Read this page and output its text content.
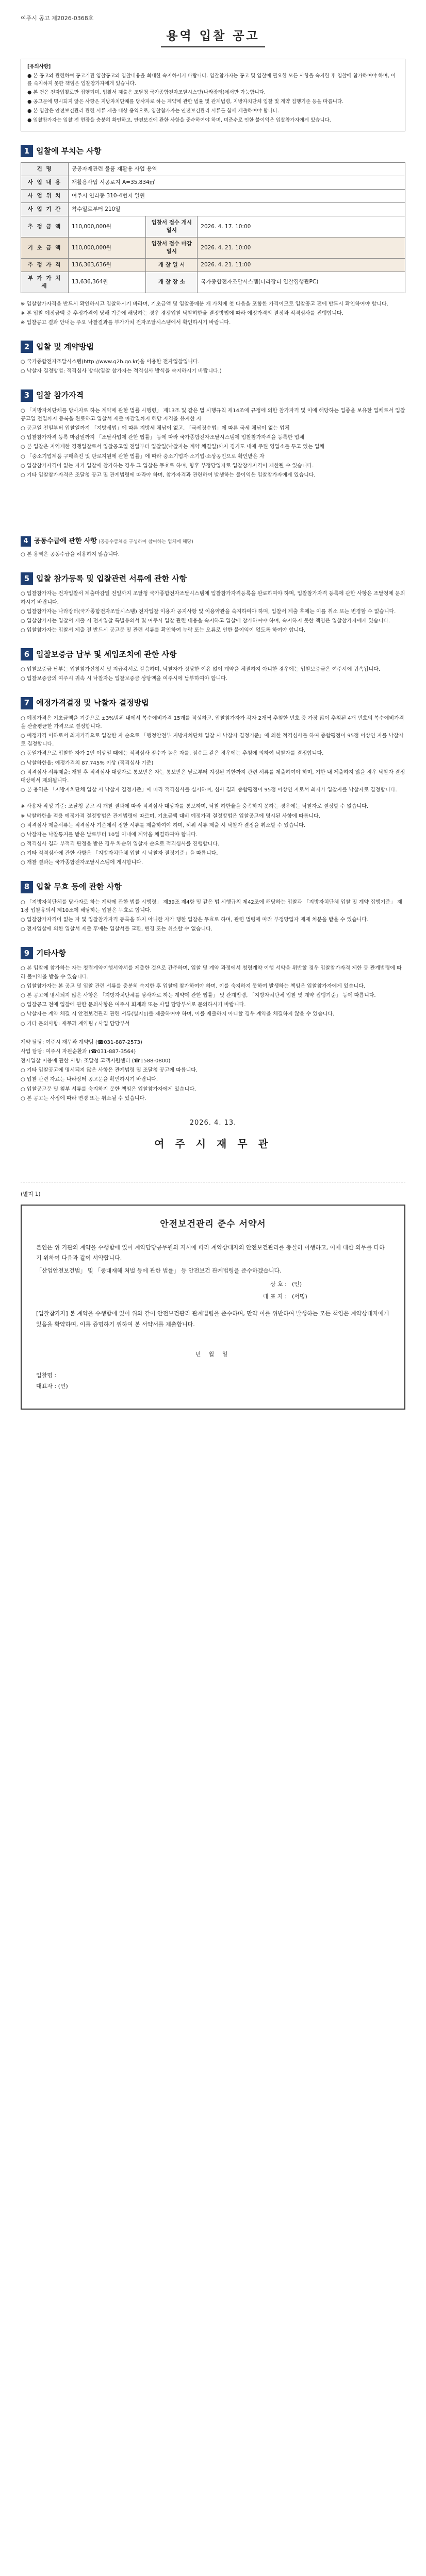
여주시 공고 제2026-0368호
용역 입찰 공고
[유의사항]

● 본 공고와 관련하여 공고기관 입찰공고와 입찰내용을 최대한 숙지하시기 바랍니다. 입찰참가자는 공고 및 입찰에 필요한 모든 사항을 숙지한 후 입찰에 참가하여야 하며, 이를 숙지하지 못한 책임은 입찰참가자에게 있습니다.

● 본 건은 전자입찰로만 집행되며, 입찰서 제출은 조달청 국가종합전자조달시스템(나라장터)에서만 가능합니다.

● 공고문에 명시되지 않은 사항은 지방자치단체를 당사자로 하는 계약에 관한 법률 및 관계법령, 지방자치단체 입찰 및 계약 집행기준 등을 따릅니다.

● 본 입찰은 안전보건관리 관련 서류 제출 대상 용역으로, 입찰참가자는 안전보건관리 서류를 함께 제출하여야 합니다.

● 입찰참가자는 입찰 전 현장을 충분히 확인하고, 안전보건에 관한 사항을 준수하여야 하며, 미준수로 인한 불이익은 입찰참가자에게 있습니다.

1 입찰에 부치는 사항
건 명	공공자재관련 물품 재활용 사업 용역		
사 업 내 용	재활용사업 시공로지 A=35,834㎡		
사 업 위 치	여주시 연라동 310-4번지 일원		
사 업 기 간	착수일로부터 210일		
추 정 금 액	110,000,000원	입찰서 접수 개시일시	2026. 4. 17. 10:00
기 초 금 액	110,000,000원	입찰서 접수 마감일시	2026. 4. 21. 10:00
추 정 가 격	136,363,636원	개 찰 일 시	2026. 4. 21. 11:00
부 가 가 치 세	13,636,364원	개 찰 장 소	국가종합전자조달시스템(나라장터 입찰집행관PC)

※ 입찰참가자격을 반드시 확인하시고 입찰하시기 바라며, 기초금액 및 입찰공매분 개 가치에 첫 다음을 포함한 가격이므로 입찰공고 전에 반드시 확인하여야 합니다.

※ 본 입찰 예정금액 중 추정가격이 당해 기준에 해당하는 경우 경쟁입찰 낙찰하한율 결정방법에 따라 예정가격의 결정과 적격심사를 진행합니다.

※ 입찰공고 결과 안내는 주요 낙찰결과를 부가가치 전자조달시스템에서 확인하시기 바랍니다.

2 입찰 및 계약방법

○ 국가종합전자조달시스템(http://www.g2b.go.kr)을 이용한 전자입찰입니다.

○ 낙찰자 결정방법: 적격심사 방식(입찰 참가자는 적격심사 방식을 숙지하시기 바랍니다.)

3 입찰 참가자격

○ 「지방자치단체를 당사자로 하는 계약에 관한 법률 시행령」 제13조 및 같은 법 시행규칙 제14조에 규정에 의한 참가자격 및 이에 해당하는 업종을 보유한 업체로서 입찰 공고일 전일까지 등록을 완료하고 입찰서 제출 마감일까지 해당 자격을 유지한 자

○ 공고일 전일부터 입찰일까지 「지방세법」에 따른 지방세 체납이 없고, 「국세징수법」에 따른 국세 체납이 없는 업체

○ 입찰참가자격 등록 마감일까지 「조달사업에 관한 법률」 등에 따라 국가종합전자조달시스템에 입찰참가자격을 등록한 업체

○ 본 입찰은 지역제한 경쟁입찰로서 입찰공고일 전일부터 입찰일(낙찰자는 계약 체결일)까지 경기도 내에 주된 영업소를 두고 있는 업체

○ 「중소기업제품 구매촉진 및 판로지원에 관한 법률」에 따라 중소기업자·소기업·소상공인으로 확인받은 자

○ 입찰참가자격이 없는 자가 입찰에 참가하는 경우 그 입찰은 무효로 하며, 향후 부정당업자로 입찰참가자격이 제한될 수 있습니다.

○ 기타 입찰참가자격은 조달청 공고 및 관계법령에 따라야 하며, 참가자격과 관련하여 발생하는 불이익은 입찰참가자에게 있습니다.

4 공동수급에 관한 사항 (공동수급체를 구성하여 참여하는 업체에 해당)

○ 본 용역은 공동수급을 허용하지 않습니다.

5 입찰 참가등록 및 입찰관련 서류에 관한 사항

○ 입찰참가자는 전자입찰서 제출마감일 전일까지 조달청 국가종합전자조달시스템에 입찰참가자격등록을 완료하여야 하며, 입찰참가자격 등록에 관한 사항은 조달청에 문의하시기 바랍니다.

○ 입찰참가자는 나라장터(국가종합전자조달시스템) 전자입찰 이용자 공지사항 및 이용약관을 숙지하여야 하며, 입찰서 제출 후에는 이를 취소 또는 변경할 수 없습니다.

○ 입찰참가자는 입찰서 제출 시 전자입찰 특별유의서 및 여주시 입찰 관련 내용을 숙지하고 입찰에 참가하여야 하며, 숙지하지 못한 책임은 입찰참가자에게 있습니다.

○ 입찰참가자는 입찰서 제출 전 반드시 공고문 및 관련 서류를 확인하여 누락 또는 오류로 인한 불이익이 없도록 하여야 합니다.

6 입찰보증금 납부 및 세입조치에 관한 사항

○ 입찰보증금 납부는 입찰참가신청서 및 지급각서로 갈음하며, 낙찰자가 정당한 이유 없이 계약을 체결하지 아니한 경우에는 입찰보증금은 여주시에 귀속됩니다.

○ 입찰보증금의 여주시 귀속 시 낙찰자는 입찰보증금 상당액을 여주시에 납부하여야 합니다.

7 예정가격결정 및 낙찰자 결정방법

○ 예정가격은 기초금액을 기준으로 ±3%범위 내에서 복수예비가격 15개를 작성하고, 입찰참가자가 각자 2개씩 추첨한 번호 중 가장 많이 추첨된 4개 번호의 복수예비가격을 산술평균한 가격으로 결정합니다.

○ 예정가격 이하로서 최저가격으로 입찰한 자 순으로 「행정안전부 지방자치단체 입찰 시 낙찰자 결정기준」에 의한 적격심사를 하여 종합평점이 95점 이상인 자를 낙찰자로 결정합니다.

○ 동일가격으로 입찰한 자가 2인 이상일 때에는 적격심사 점수가 높은 자를, 점수도 같은 경우에는 추첨에 의하여 낙찰자를 결정합니다.

○ 낙찰하한율: 예정가격의 87.745% 이상 (적격심사 기준)

○ 적격심사 서류제출: 개찰 후 적격심사 대상자로 통보받은 자는 통보받은 날로부터 지정된 기한까지 관련 서류를 제출하여야 하며, 기한 내 제출하지 않을 경우 낙찰자 결정 대상에서 제외됩니다.

○ 본 용역은 「지방자치단체 입찰 시 낙찰자 결정기준」에 따라 적격심사를 실시하며, 심사 결과 종합평점이 95점 이상인 자로서 최저가 입찰자를 낙찰자로 결정합니다.

※ 사용자 작성 기준: 조달청 공고 시 개찰 결과에 따라 적격심사 대상자를 통보하며, 낙찰 하한율을 충족하지 못하는 경우에는 낙찰자로 결정할 수 없습니다.

※ 낙찰하한율 적용 예정가격 결정방법은 관계법령에 따르며, 기초금액 대비 예정가격 결정방법은 입찰공고에 명시된 사항에 따릅니다.

○ 적격심사 제출서류는 적격심사 기준에서 정한 서류를 제출하여야 하며, 허위 서류 제출 시 낙찰자 결정을 취소할 수 있습니다.

○ 낙찰자는 낙찰통지를 받은 날로부터 10일 이내에 계약을 체결하여야 합니다.

○ 적격심사 결과 부적격 판정을 받은 경우 차순위 입찰자 순으로 적격심사를 진행합니다.

○ 기타 적격심사에 관한 사항은 「지방자치단체 입찰 시 낙찰자 결정기준」을 따릅니다.

○ 개찰 결과는 국가종합전자조달시스템에 게시합니다.

8 입찰 무효 등에 관한 사항

○ 「지방자치단체를 당사자로 하는 계약에 관한 법률 시행령」 제39조 제4항 및 같은 법 시행규칙 제42조에 해당하는 입찰과 「지방자치단체 입찰 및 계약 집행기준」 제1장 입찰유의서 제10조에 해당하는 입찰은 무효로 합니다.

○ 입찰참가자격이 없는 자 및 입찰참가자격 등록을 하지 아니한 자가 행한 입찰은 무효로 하며, 관련 법령에 따라 부정당업자 제재 처분을 받을 수 있습니다.

○ 전자입찰에 의한 입찰서 제출 후에는 입찰서를 교환, 변경 또는 취소할 수 없습니다.

9 기타사항

○ 본 입찰에 참가하는 자는 청렴계약이행서약서를 제출한 것으로 간주하며, 입찰 및 계약 과정에서 청렴계약 이행 서약을 위반할 경우 입찰참가자격 제한 등 관계법령에 따라 불이익을 받을 수 있습니다.

○ 입찰참가자는 본 공고 및 입찰 관련 서류를 충분히 숙지한 후 입찰에 참가하여야 하며, 이를 숙지하지 못하여 발생하는 책임은 입찰참가자에게 있습니다.

○ 본 공고에 명시되지 않은 사항은 「지방자치단체를 당사자로 하는 계약에 관한 법률」 및 관계법령, 「지방자치단체 입찰 및 계약 집행기준」 등에 따릅니다.

○ 입찰공고 전에 입찰에 관한 문의사항은 여주시 회계과 또는 사업 담당부서로 문의하시기 바랍니다.

○ 낙찰자는 계약 체결 시 안전보건관리 관련 서류(별지1)를 제출하여야 하며, 이를 제출하지 아니할 경우 계약을 체결하지 않을 수 있습니다.

○ 기타 문의사항: 재무과 계약팀 / 사업 담당부서

계약 담당: 여주시 재무과 계약팀 (☎031-887-2573)

사업 담당: 여주시 자원순환과 (☎031-887-3564)

전자입찰 이용에 관한 사항: 조달청 고객지원센터 (☎1588-0800)

○ 기타 입찰공고에 명시되지 않은 사항은 관계법령 및 조달청 공고에 따릅니다.

○ 입찰 관련 자료는 나라장터 공고문을 확인하시기 바랍니다.

○ 입찰공고문 및 첨부 서류를 숙지하지 못한 책임은 입찰참가자에게 있습니다.

○ 본 공고는 사정에 따라 변경 또는 취소될 수 있습니다.

2026. 4. 13.
여 주 시 재 무 관
(별지 1)
안전보건관리 준수 서약서

본인은 위 기관의 계약을 수행함에 있어 계약담당공무원의 지시에 따라 계약상대자의 안전보건관리를 충실히 이행하고, 이에 대한 의무를 다하기 위하여 다음과 같이 서약합니다.

「산업안전보건법」 및 「중대재해 처벌 등에 관한 법률」 등 안전보건 관계법령을 준수하겠습니다.

상 호 : (인)
대 표 자 : (서명)

[입찰참가자] 본 계약을 수행함에 있어 위와 같이 안전보건관리 관계법령을 준수하며, 만약 이를 위반하여 발생하는 모든 책임은 계약상대자에게 있음을 확약하며, 이를 증명하기 위하여 본 서약서를 제출합니다.

년 월 일

입찰명 :

대표자 : (인)
